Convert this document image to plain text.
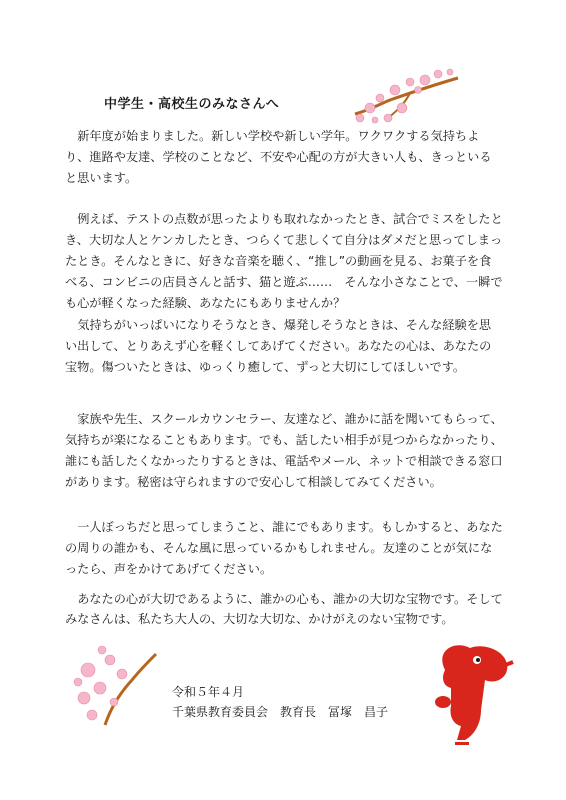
中学生・高校生のみなさんへ

新年度が始まりました。新しい学校や新しい学年。ワクワクする気持ちより、進路や友達、学校のことなど、不安や心配の方が大きい人も、きっといると思います。

例えば、テストの点数が思ったよりも取れなかったとき、試合でミスをしたとき、大切な人とケンカしたとき、つらくて悲しくて自分はダメだと思ってしまったとき。そんなときに、好きな音楽を聴く、“推し”の動画を見る、お菓子を食べる、コンビニの店員さんと話す、猫と遊ぶ……　そんな小さなことで、一瞬でも心が軽くなった経験、あなたにもありませんか？

気持ちがいっぱいになりそうなとき、爆発しそうなときは、そんな経験を思い出して、とりあえず心を軽くしてあげてください。あなたの心は、あなたの宝物。傷ついたときは、ゆっくり癒して、ずっと大切にしてほしいです。

家族や先生、スクールカウンセラー、友達など、誰かに話を聞いてもらって、気持ちが楽になることもあります。でも、話したい相手が見つからなかったり、誰にも話したくなかったりするときは、電話やメール、ネットで相談できる窓口があります。秘密は守られますので安心して相談してみてください。

一人ぼっちだと思ってしまうこと、誰にでもあります。もしかすると、あなたの周りの誰かも、そんな風に思っているかもしれません。友達のことが気になったら、声をかけてあげてください。

あなたの心が大切であるように、誰かの心も、誰かの大切な宝物です。そしてみなさんは、私たち大人の、大切な大切な、かけがえのない宝物です。

令和５年４月
千葉県教育委員会　教育長　冨塚　昌子
